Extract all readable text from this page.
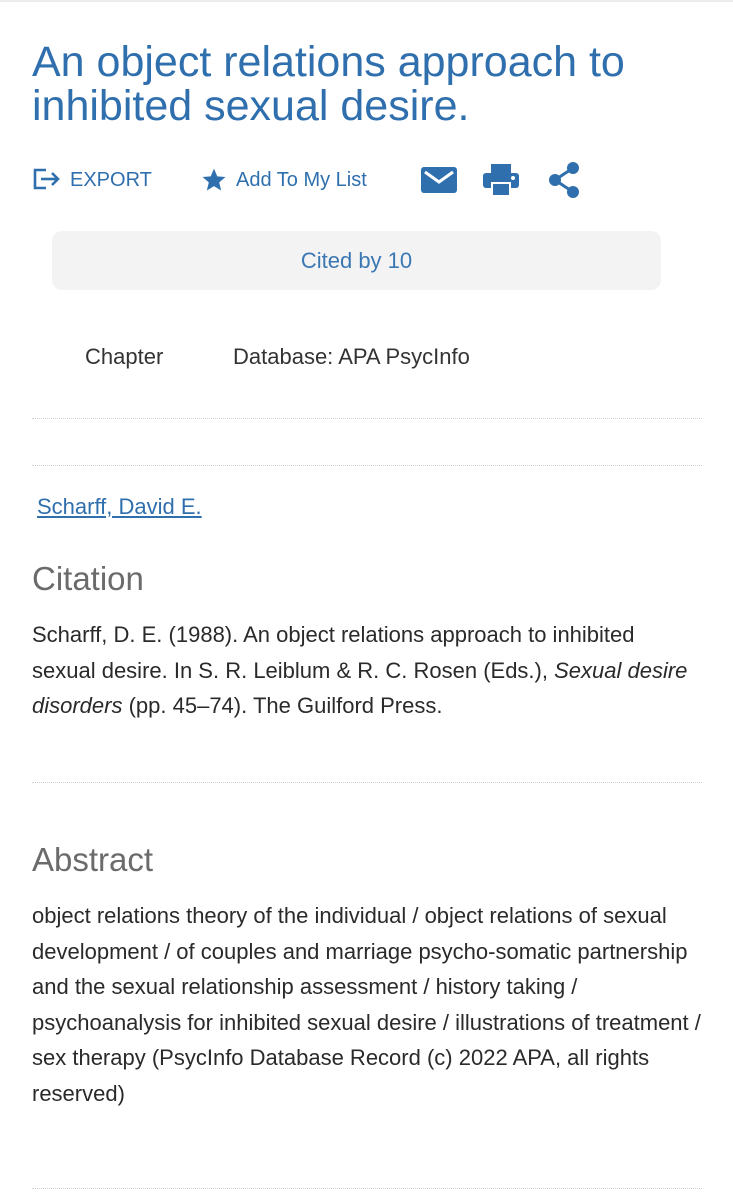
An object relations approach to inhibited sexual desire.
EXPORT	Add To My List
Cited by 10
Chapter	Database: APA PsycInfo
Scharff, David E.
Citation

Scharff, D. E. (1988). An object relations approach to inhibited sexual desire. In S. R. Leiblum & R. C. Rosen (Eds.), Sexual desire disorders (pp. 45–74). The Guilford Press.

Abstract

object relations theory of the individual / object relations of sexual development / of couples and marriage psycho-somatic partnership and the sexual relationship assessment / history taking / psychoanalysis for inhibited sexual desire / illustrations of treatment / sex therapy (PsycInfo Database Record (c) 2022 APA, all rights reserved)
